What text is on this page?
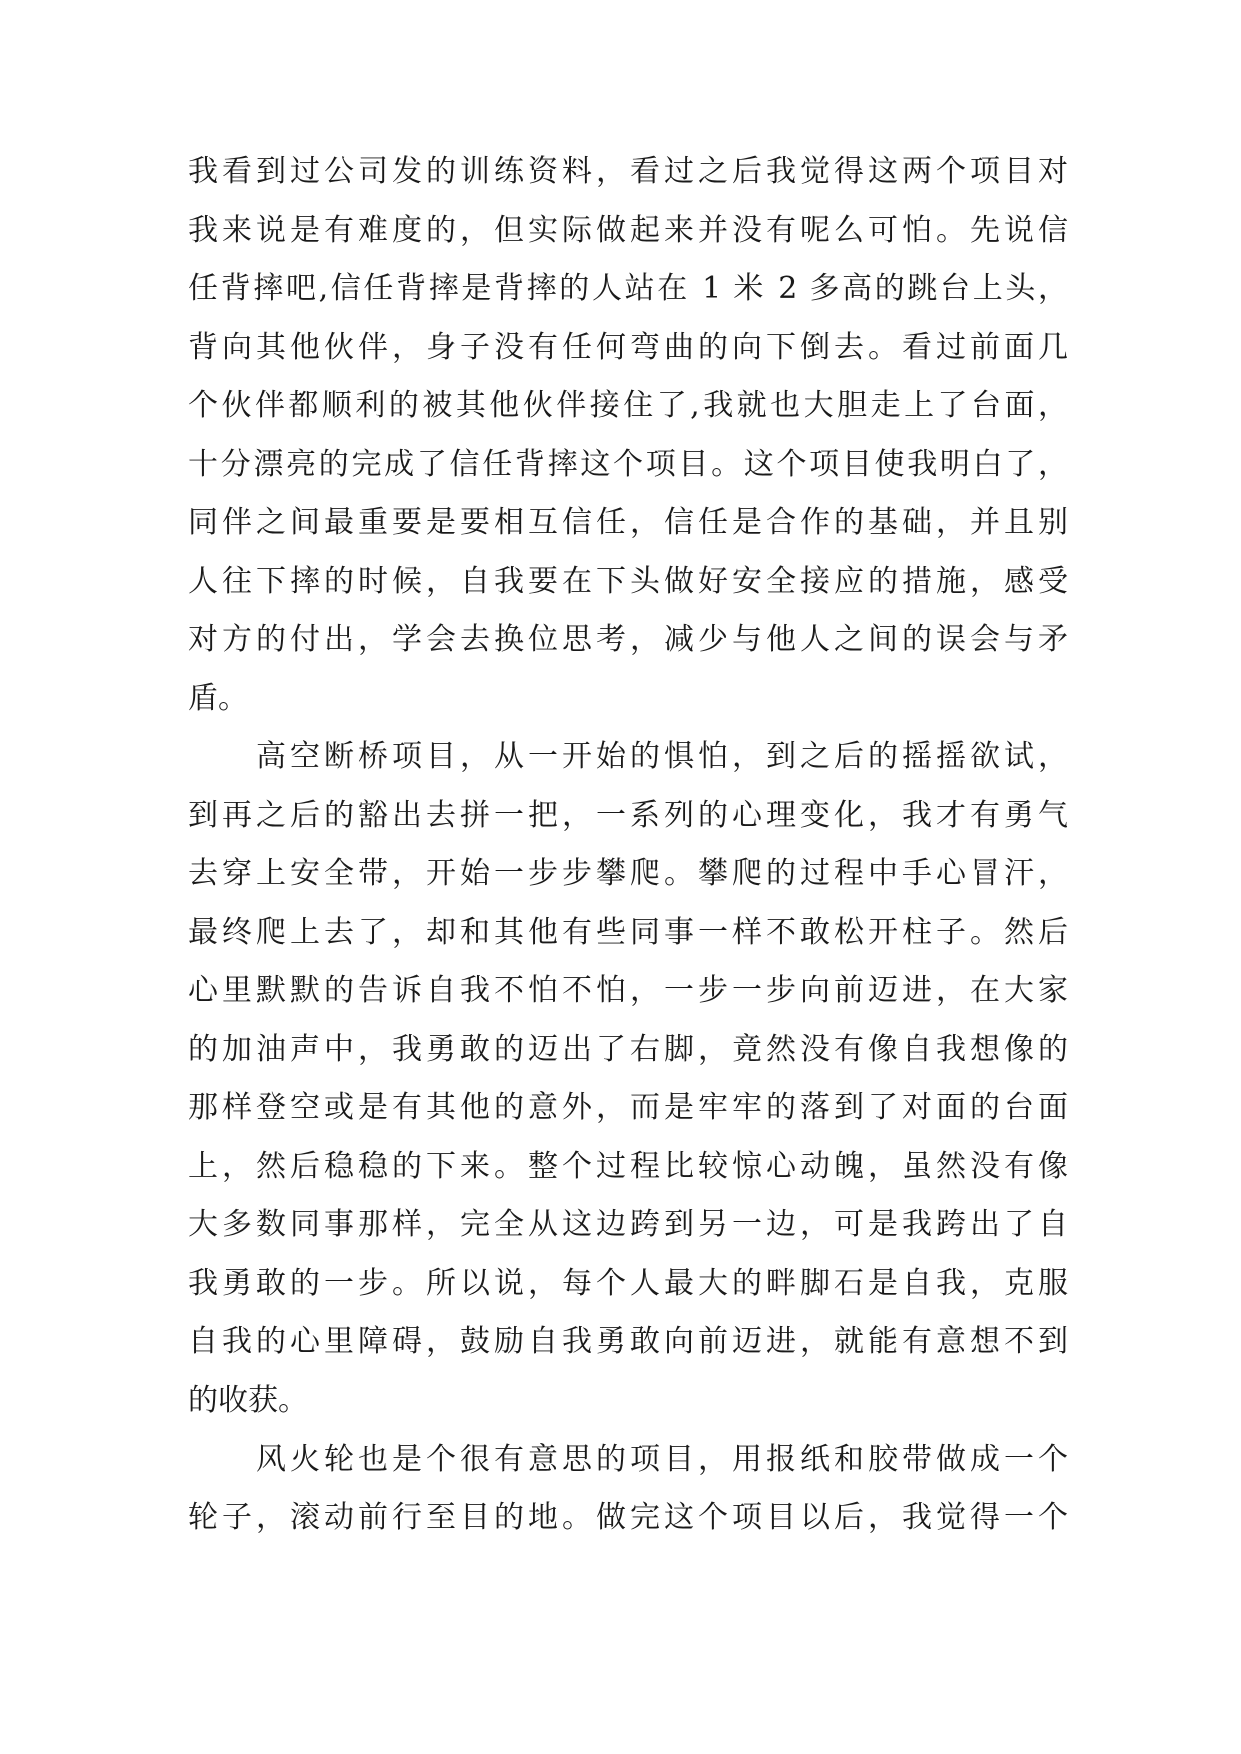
我看到过公司发的训练资料，看过之后我觉得这两个项目对
我来说是有难度的，但实际做起来并没有呢么可怕。先说信
任背摔吧,信任背摔是背摔的人站在 1 米 2 多高的跳台上头，
背向其他伙伴，身子没有任何弯曲的向下倒去。看过前面几
个伙伴都顺利的被其他伙伴接住了,我就也大胆走上了台面，
十分漂亮的完成了信任背摔这个项目。这个项目使我明白了，
同伴之间最重要是要相互信任，信任是合作的基础，并且别
人往下摔的时候，自我要在下头做好安全接应的措施，感受
对方的付出，学会去换位思考，减少与他人之间的误会与矛
盾。
高空断桥项目，从一开始的惧怕，到之后的摇摇欲试，
到再之后的豁出去拼一把，一系列的心理变化，我才有勇气
去穿上安全带，开始一步步攀爬。攀爬的过程中手心冒汗，
最终爬上去了，却和其他有些同事一样不敢松开柱子。然后
心里默默的告诉自我不怕不怕，一步一步向前迈进，在大家
的加油声中，我勇敢的迈出了右脚，竟然没有像自我想像的
那样登空或是有其他的意外，而是牢牢的落到了对面的台面
上，然后稳稳的下来。整个过程比较惊心动魄，虽然没有像
大多数同事那样，完全从这边跨到另一边，可是我跨出了自
我勇敢的一步。所以说，每个人最大的畔脚石是自我，克服
自我的心里障碍，鼓励自我勇敢向前迈进，就能有意想不到
的收获。
风火轮也是个很有意思的项目，用报纸和胶带做成一个
轮子，滚动前行至目的地。做完这个项目以后，我觉得一个
